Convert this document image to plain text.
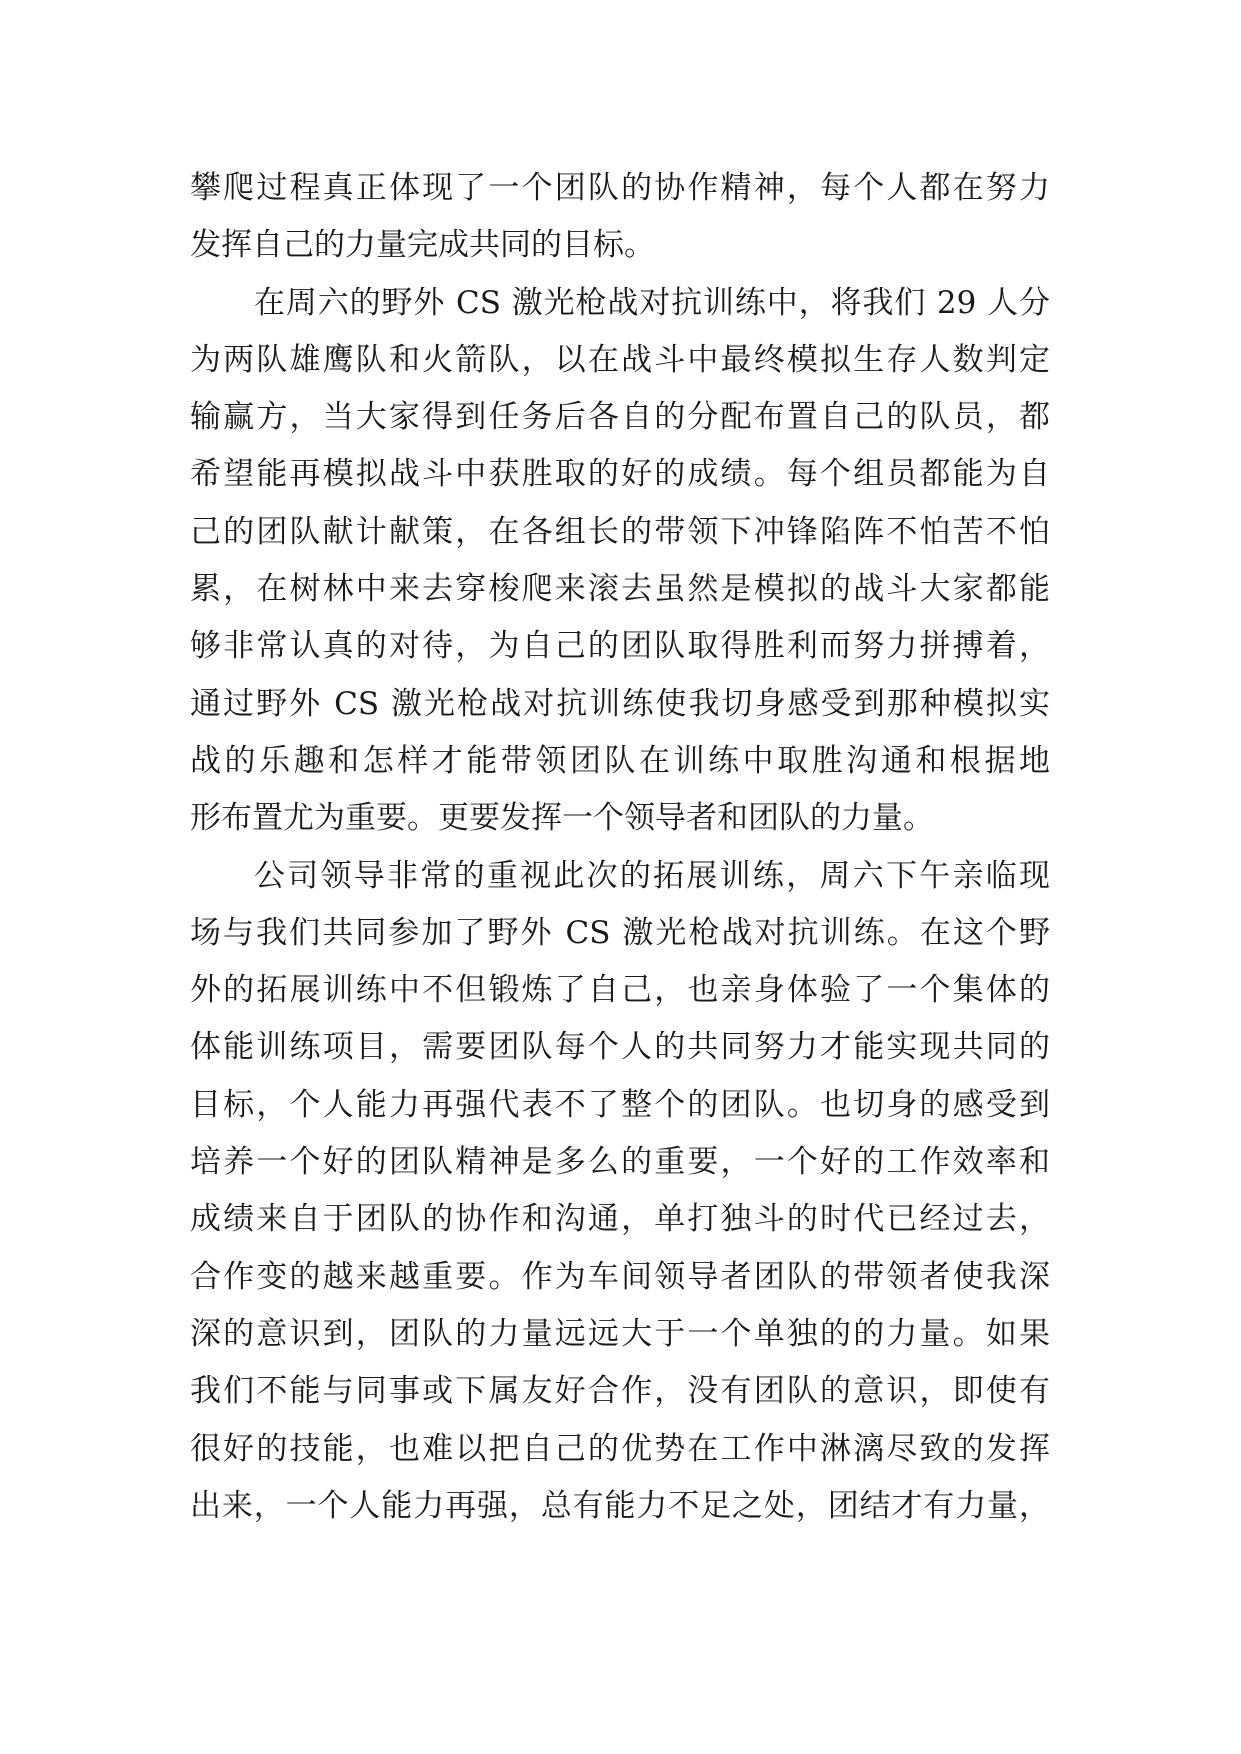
攀爬过程真正体现了一个团队的协作精神，每个人都在努力
发挥自己的力量完成共同的目标。
在周六的野外 CS 激光枪战对抗训练中，将我们 29 人分
为两队雄鹰队和火箭队，以在战斗中最终模拟生存人数判定
输赢方，当大家得到任务后各自的分配布置自己的队员，都
希望能再模拟战斗中获胜取的好的成绩。每个组员都能为自
己的团队献计献策，在各组长的带领下冲锋陷阵不怕苦不怕
累，在树林中来去穿梭爬来滚去虽然是模拟的战斗大家都能
够非常认真的对待，为自己的团队取得胜利而努力拼搏着，
通过野外 CS 激光枪战对抗训练使我切身感受到那种模拟实
战的乐趣和怎样才能带领团队在训练中取胜沟通和根据地
形布置尤为重要。更要发挥一个领导者和团队的力量。
公司领导非常的重视此次的拓展训练，周六下午亲临现
场与我们共同参加了野外 CS 激光枪战对抗训练。在这个野
外的拓展训练中不但锻炼了自己，也亲身体验了一个集体的
体能训练项目，需要团队每个人的共同努力才能实现共同的
目标，个人能力再强代表不了整个的团队。也切身的感受到
培养一个好的团队精神是多么的重要，一个好的工作效率和
成绩来自于团队的协作和沟通，单打独斗的时代已经过去，
合作变的越来越重要。作为车间领导者团队的带领者使我深
深的意识到，团队的力量远远大于一个单独的的力量。如果
我们不能与同事或下属友好合作，没有团队的意识，即使有
很好的技能，也难以把自己的优势在工作中淋漓尽致的发挥
出来，一个人能力再强，总有能力不足之处，团结才有力量，
